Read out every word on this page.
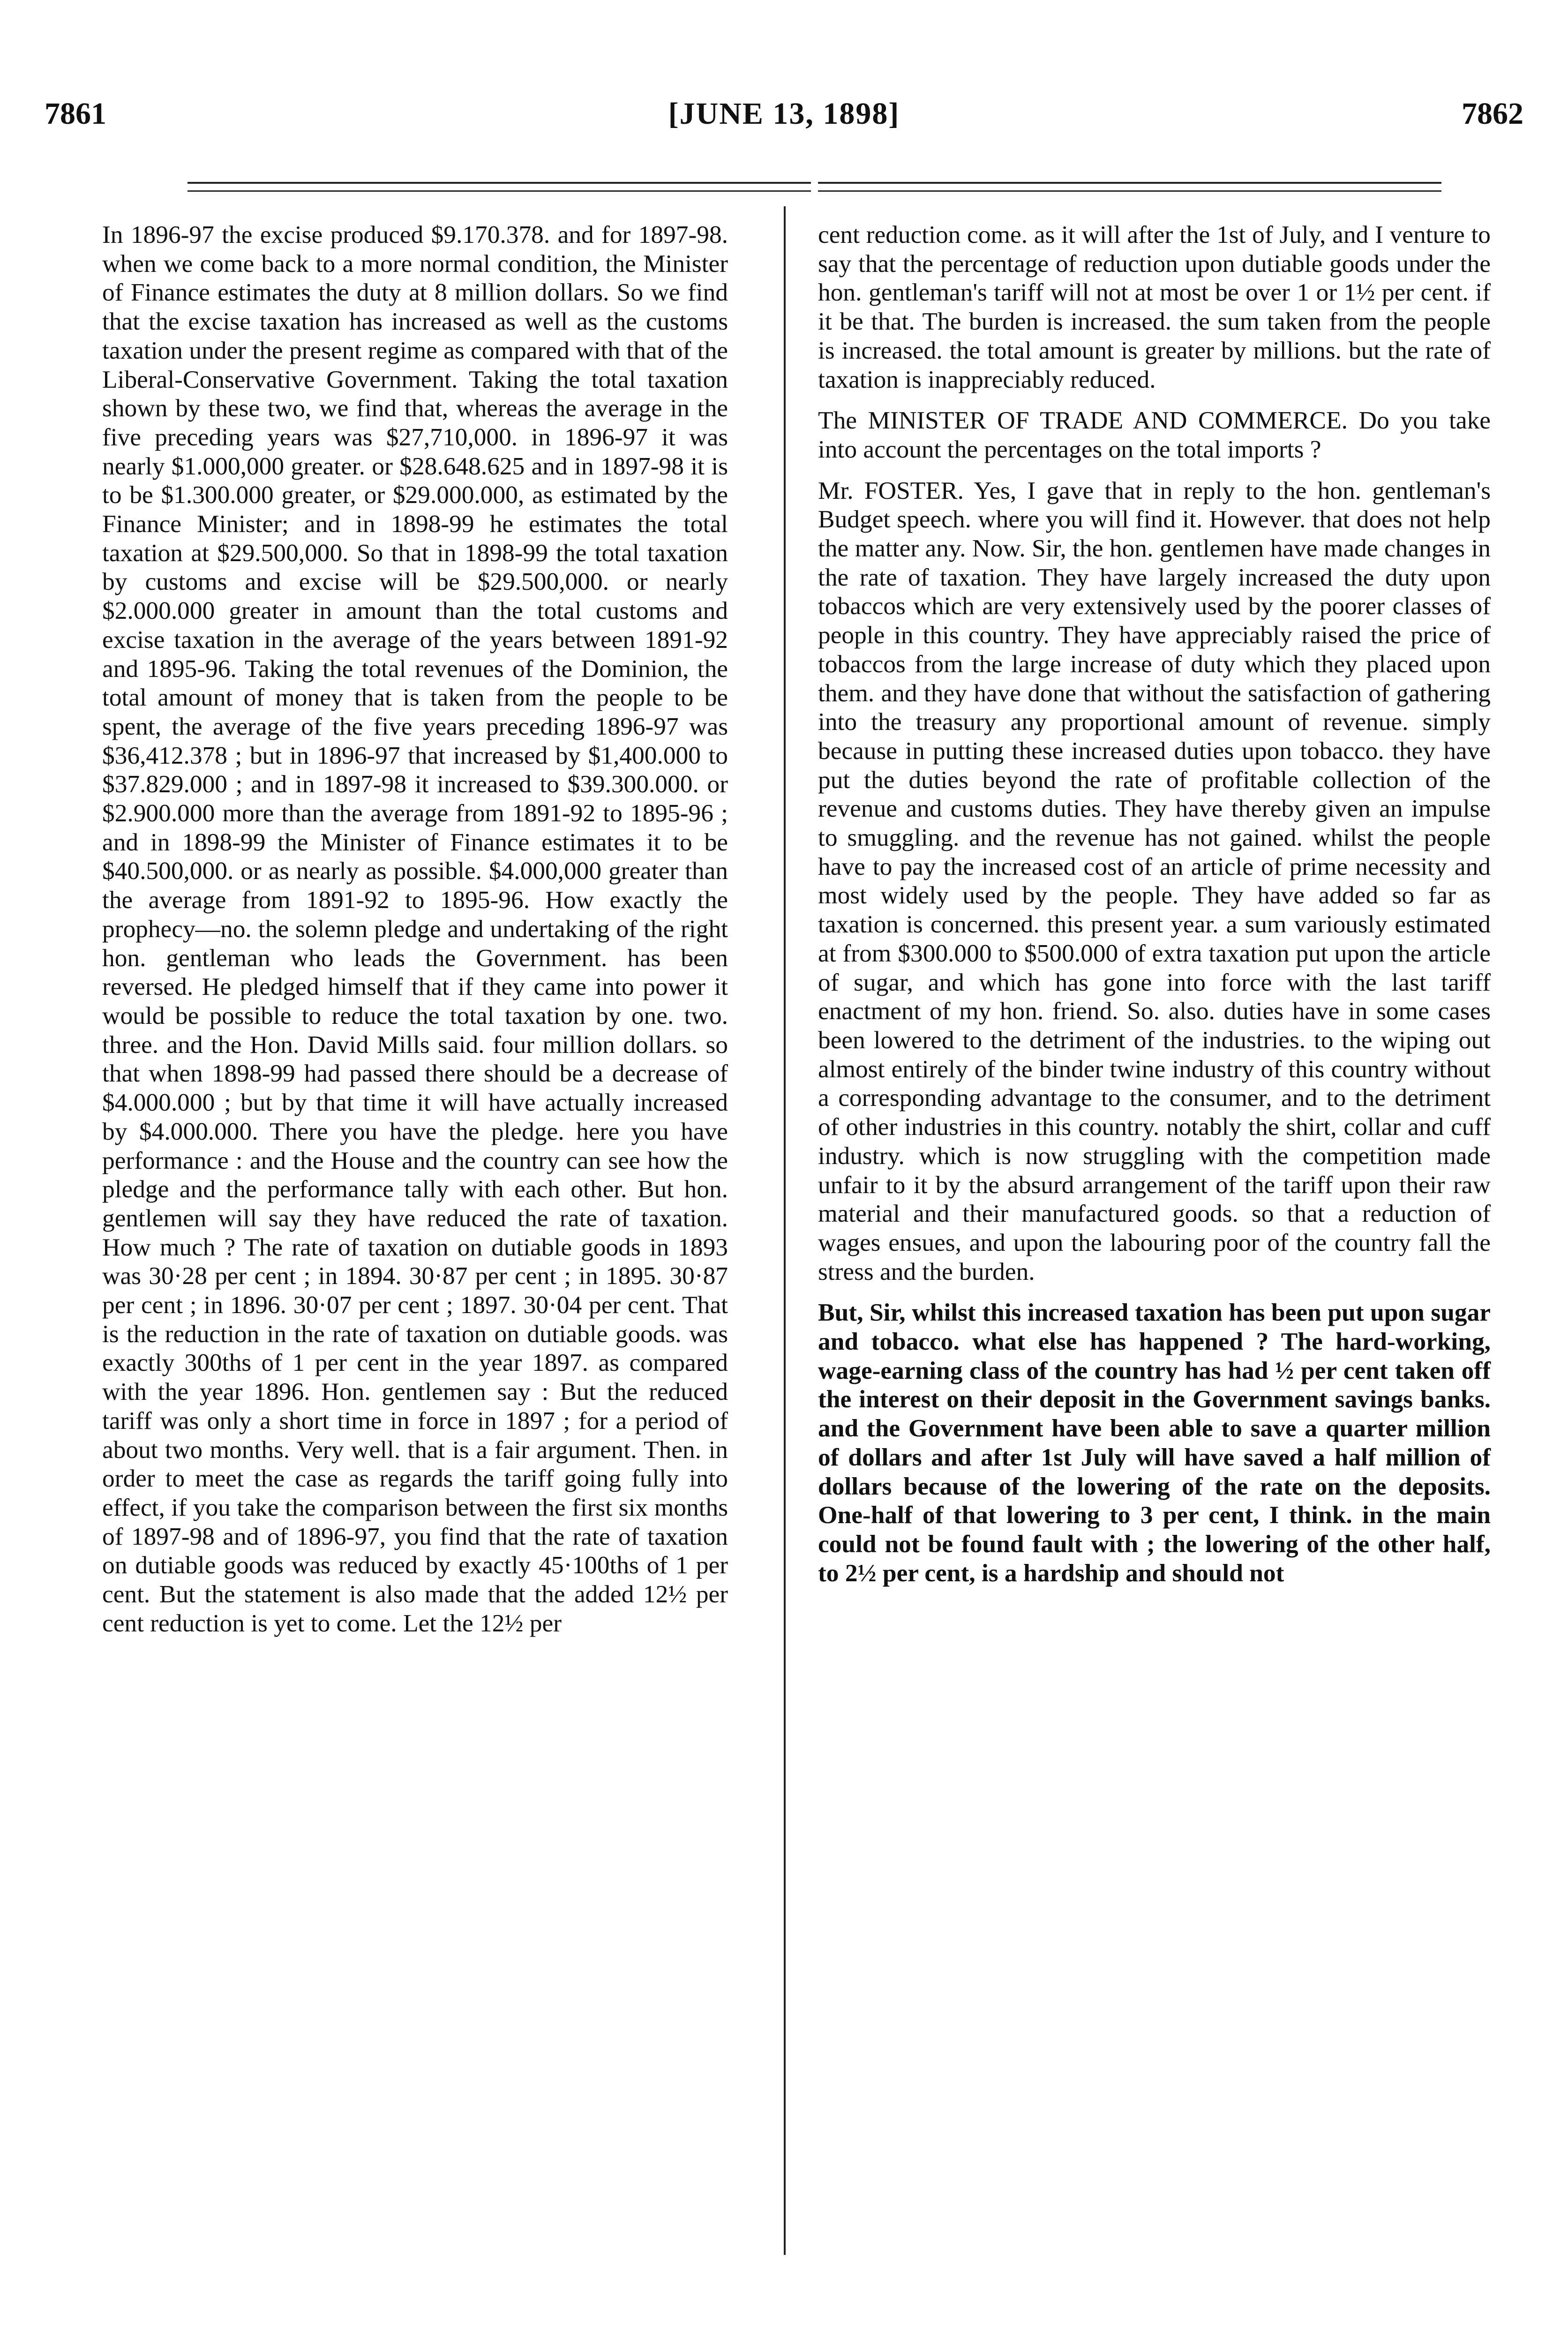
7861	[JUNE 13, 1898]	7862

In 1896-97 the excise produced $9.170.378. and for 1897-98. when we come back to a more normal condition, the Minister of Finance estimates the duty at 8 million dollars. So we find that the excise taxation has increased as well as the customs taxation under the present regime as compared with that of the Liberal-Conservative Government. Taking the total taxation shown by these two, we find that, whereas the average in the five preceding years was $27,710,000. in 1896-97 it was nearly $1.000,000 greater. or $28.648.625 and in 1897-98 it is to be $1.300.000 greater, or $29.000.000, as estimated by the Finance Minister; and in 1898-99 he estimates the total taxation at $29.500,000. So that in 1898-99 the total taxation by customs and excise will be $29.500,000. or nearly $2.000.000 greater in amount than the total customs and excise taxation in the average of the years between 1891-92 and 1895-96. Taking the total revenues of the Dominion, the total amount of money that is taken from the people to be spent, the average of the five years preceding 1896-97 was $36,412.378 ; but in 1896-97 that increased by $1,400.000 to $37.829.000 ; and in 1897-98 it increased to $39.300.000. or $2.900.000 more than the average from 1891-92 to 1895-96 ; and in 1898-99 the Minister of Finance estimates it to be $40.500,000. or as nearly as possible. $4.000,000 greater than the average from 1891-92 to 1895-96. How exactly the prophecy—no. the solemn pledge and undertaking of the right hon. gentleman who leads the Government. has been reversed. He pledged himself that if they came into power it would be possible to reduce the total taxation by one. two. three. and the Hon. David Mills said. four million dollars. so that when 1898-99 had passed there should be a decrease of $4.000.000 ; but by that time it will have actually increased by $4.000.000. There you have the pledge. here you have performance : and the House and the country can see how the pledge and the performance tally with each other. But hon. gentlemen will say they have reduced the rate of taxation. How much ? The rate of taxation on dutiable goods in 1893 was 30·28 per cent ; in 1894. 30·87 per cent ; in 1895. 30·87 per cent ; in 1896. 30·07 per cent ; 1897. 30·04 per cent. That is the reduction in the rate of taxation on dutiable goods. was exactly 300ths of 1 per cent in the year 1897. as compared with the year 1896. Hon. gentlemen say : But the reduced tariff was only a short time in force in 1897 ; for a period of about two months. Very well. that is a fair argument. Then. in order to meet the case as regards the tariff going fully into effect, if you take the comparison between the first six months of 1897-98 and of 1896-97, you find that the rate of taxation on dutiable goods was reduced by exactly 45·100ths of 1 per cent. But the statement is also made that the added 12½ per cent reduction is yet to come. Let the 12½ per

cent reduction come. as it will after the 1st of July, and I venture to say that the percentage of reduction upon dutiable goods under the hon. gentleman's tariff will not at most be over 1 or 1½ per cent. if it be that. The burden is increased. the sum taken from the people is increased. the total amount is greater by millions. but the rate of taxation is inappreciably reduced.

The MINISTER OF TRADE AND COMMERCE. Do you take into account the percentages on the total imports ?

Mr. FOSTER. Yes, I gave that in reply to the hon. gentleman's Budget speech. where you will find it. However. that does not help the matter any. Now. Sir, the hon. gentlemen have made changes in the rate of taxation. They have largely increased the duty upon tobaccos which are very extensively used by the poorer classes of people in this country. They have appreciably raised the price of tobaccos from the large increase of duty which they placed upon them. and they have done that without the satisfaction of gathering into the treasury any proportional amount of revenue. simply because in putting these increased duties upon tobacco. they have put the duties beyond the rate of profitable collection of the revenue and customs duties. They have thereby given an impulse to smuggling. and the revenue has not gained. whilst the people have to pay the increased cost of an article of prime necessity and most widely used by the people. They have added so far as taxation is concerned. this present year. a sum variously estimated at from $300.000 to $500.000 of extra taxation put upon the article of sugar, and which has gone into force with the last tariff enactment of my hon. friend. So. also. duties have in some cases been lowered to the detriment of the industries. to the wiping out almost entirely of the binder twine industry of this country without a corresponding advantage to the consumer, and to the detriment of other industries in this country. notably the shirt, collar and cuff industry. which is now struggling with the competition made unfair to it by the absurd arrangement of the tariff upon their raw material and their manufactured goods. so that a reduction of wages ensues, and upon the labouring poor of the country fall the stress and the burden.

But, Sir, whilst this increased taxation has been put upon sugar and tobacco. what else has happened ? The hard-working, wage-earning class of the country has had ½ per cent taken off the interest on their deposit in the Government savings banks. and the Government have been able to save a quarter million of dollars and after 1st July will have saved a half million of dollars because of the lowering of the rate on the deposits. One-half of that lowering to 3 per cent, I think. in the main could not be found fault with ; the lowering of the other half, to 2½ per cent, is a hardship and should not
